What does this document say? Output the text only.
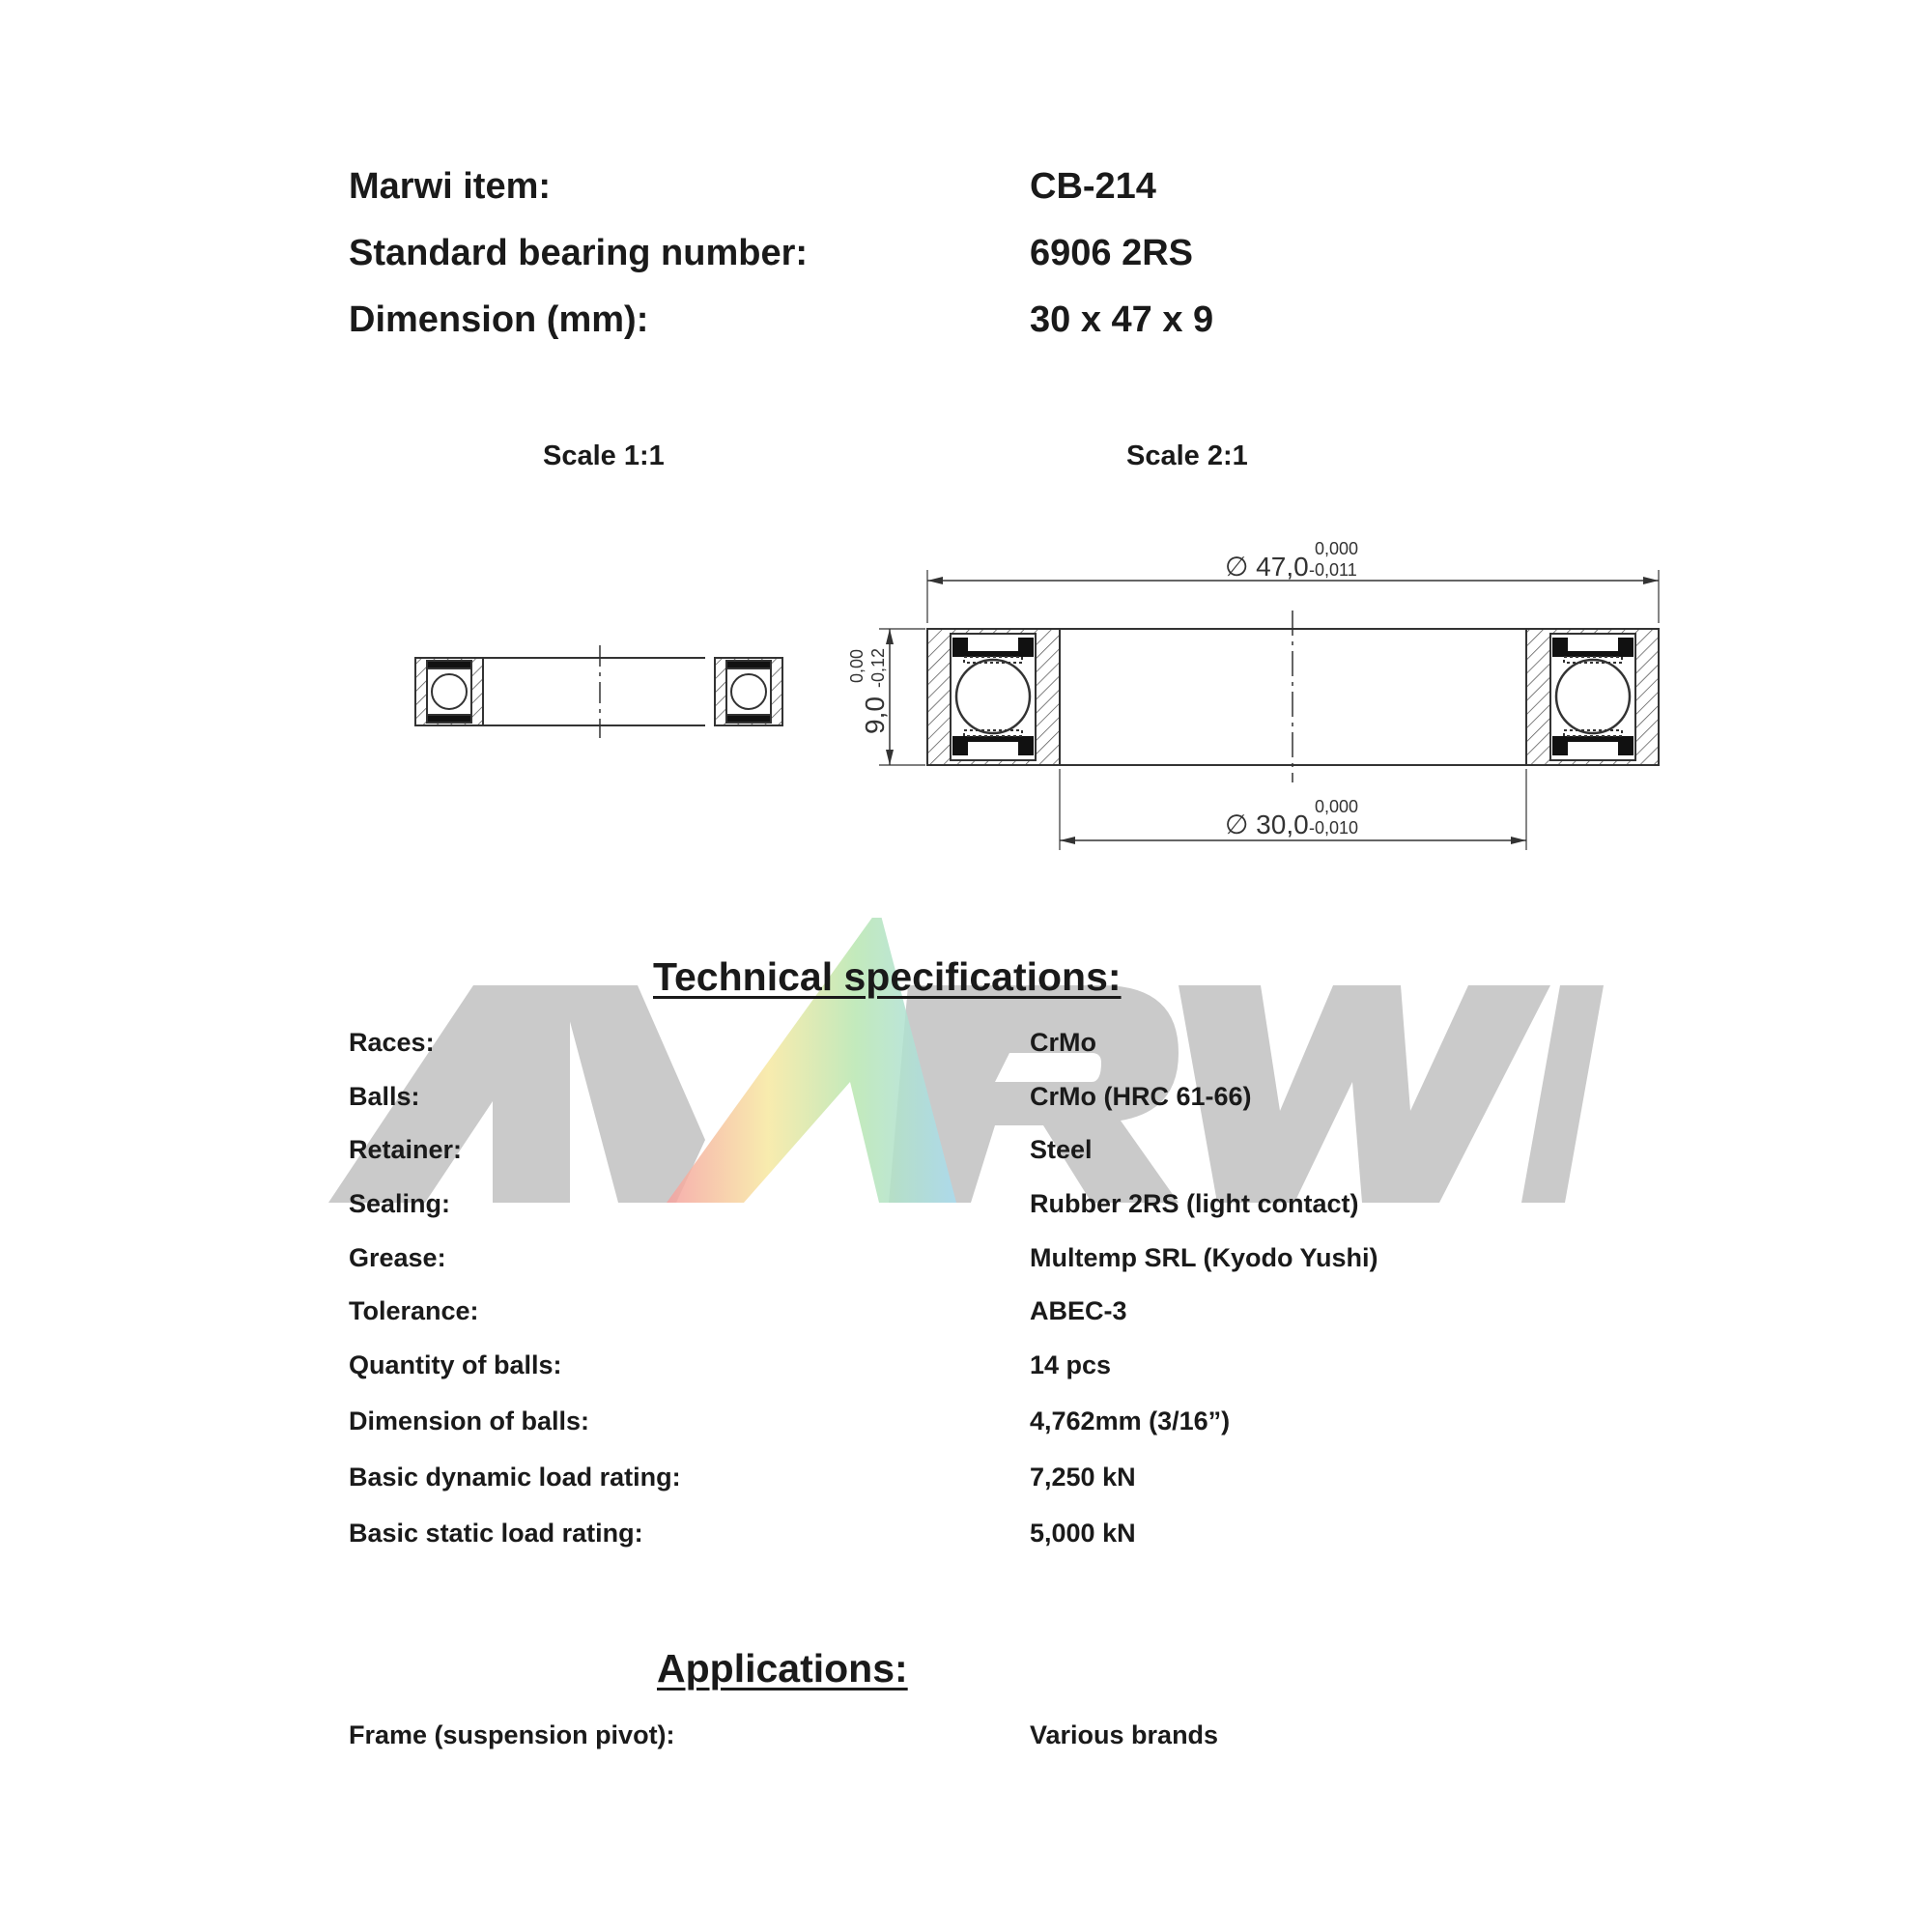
Marwi item:	CB-214
Standard bearing number:	6906 2RS
Dimension (mm):	30 x 47 x 9
Scale 1:1	Scale 2:1
∅ 47,0
0,000
-0,011
∅ 30,0
0,000
-0,010
9,0
0,00 -0,12
Technical specifications:
Races:	CrMo
Balls:	CrMo (HRC 61-66)
Retainer:	Steel
Sealing:	Rubber 2RS (light contact)
Grease:	Multemp SRL (Kyodo Yushi)
Tolerance:	ABEC-3
Quantity of balls:	14 pcs
Dimension of balls:	4,762mm (3/16”)
Basic dynamic load rating:	7,250 kN
Basic static load rating:	5,000 kN
Applications:
Frame (suspension pivot):	Various brands
